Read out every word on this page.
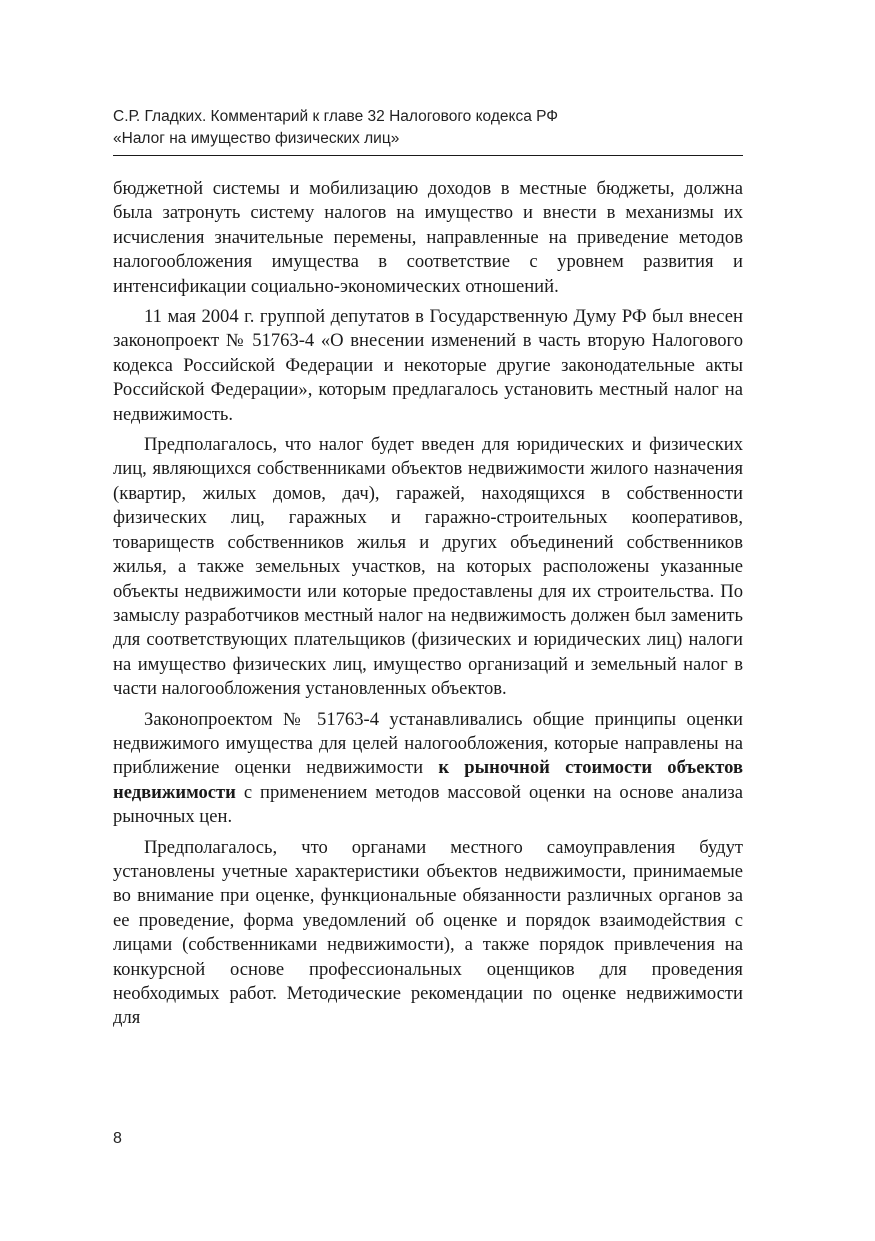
С.Р. Гладких. Комментарий к главе 32 Налогового кодекса РФ
«Налог на имущество физических лиц»

бюджетной системы и мобилизацию доходов в местные бюджеты, должна была затронуть систему налогов на имущество и внести в механизмы их исчисления значительные перемены, направленные на приведение методов налогообложения имущества в соответствие с уровнем развития и интенсификации социально-экономических отношений.

11 мая 2004 г. группой депутатов в Государственную Думу РФ был внесен законопроект № 51763-4 «О внесении изменений в часть вторую Налогового кодекса Российской Федерации и некоторые другие законодательные акты Российской Федерации», которым предлагалось установить местный налог на недвижимость.

Предполагалось, что налог будет введен для юридических и физических лиц, являющихся собственниками объектов недвижимости жилого назначения (квартир, жилых домов, дач), гаражей, находящихся в собственности физических лиц, гаражных и гаражно-строительных кооперативов, товариществ собственников жилья и других объединений собственников жилья, а также земельных участков, на которых расположены указанные объекты недвижимости или которые предоставлены для их строительства. По замыслу разработчиков местный налог на недвижимость должен был заменить для соответствующих плательщиков (физических и юридических лиц) налоги на имущество физических лиц, имущество организаций и земельный налог в части налогообложения установленных объектов.

Законопроектом № 51763-4 устанавливались общие принципы оценки недвижимого имущества для целей налогообложения, которые направлены на приближение оценки недвижимости к рыночной стоимости объектов недвижимости с применением методов массовой оценки на основе анализа рыночных цен.

Предполагалось, что органами местного самоуправления будут установлены учетные характеристики объектов недвижимости, принимаемые во внимание при оценке, функциональные обязанности различных органов за ее проведение, форма уведомлений об оценке и порядок взаимодействия с лицами (собственниками недвижимости), а также порядок привлечения на конкурсной основе профессиональных оценщиков для проведения необходимых работ. Методические рекомендации по оценке недвижимости для

8
